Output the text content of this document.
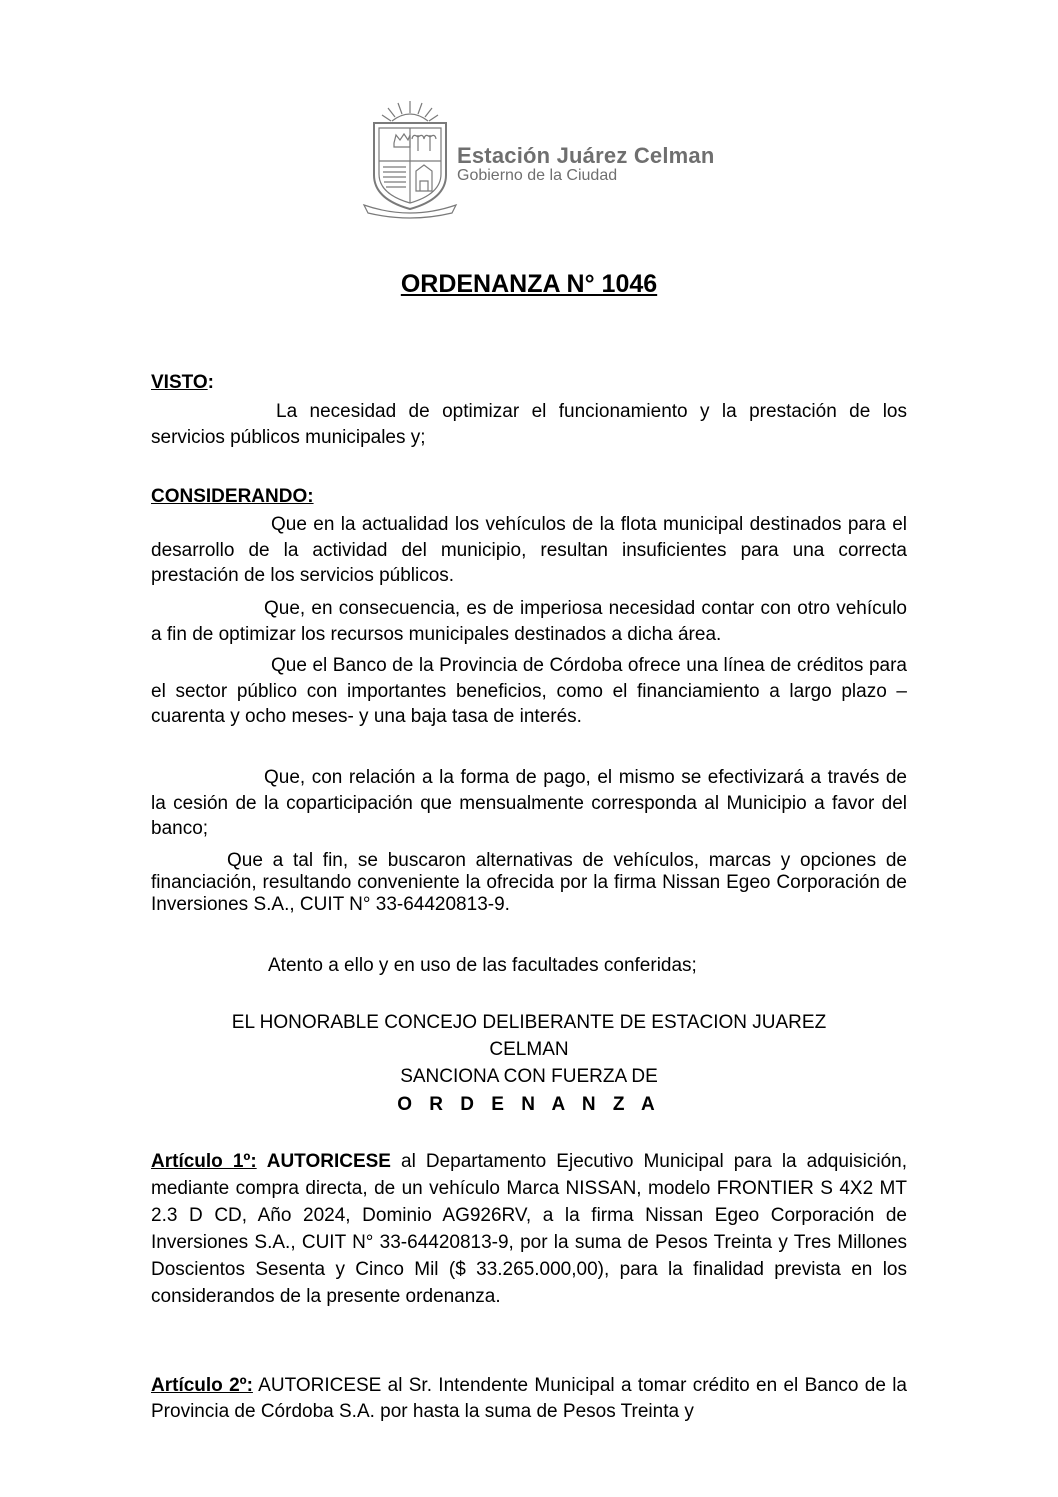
Estación Juárez Celman
Gobierno de la Ciudad
ORDENANZA N° 1046
VISTO:

La necesidad de optimizar el funcionamiento y la prestación de los servicios públicos municipales y;

CONSIDERANDO:

Que en la actualidad los vehículos de la flota municipal destinados para el desarrollo de la actividad del municipio, resultan insuficientes para una correcta prestación de los servicios públicos.

Que, en consecuencia, es de imperiosa necesidad contar con otro vehículo a fin de optimizar los recursos municipales destinados a dicha área.

Que el Banco de la Provincia de Córdoba ofrece una línea de créditos para el sector público con importantes beneficios, como el financiamiento a largo plazo –cuarenta y ocho meses- y una baja tasa de interés.

Que, con relación a la forma de pago, el mismo se efectivizará a través de la cesión de la coparticipación que mensualmente corresponda al Municipio a favor del banco;

Que a tal fin, se buscaron alternativas de vehículos, marcas y opciones de financiación, resultando conveniente la ofrecida por la firma Nissan Egeo Corporación de Inversiones S.A., CUIT N° 33-64420813-9.

Atento a ello y en uso de las facultades conferidas;

EL HONORABLE CONCEJO DELIBERANTE DE ESTACION JUAREZ
CELMAN
SANCIONA CON FUERZA DE
O R D E N A N Z A

Artículo 1º: AUTORICESE al Departamento Ejecutivo Municipal para la adquisición, mediante compra directa, de un vehículo Marca NISSAN, modelo FRONTIER S 4X2 MT 2.3 D CD, Año 2024, Dominio AG926RV, a la firma Nissan Egeo Corporación de Inversiones S.A., CUIT N° 33-64420813-9, por la suma de Pesos Treinta y Tres Millones Doscientos Sesenta y Cinco Mil ($ 33.265.000,00), para la finalidad prevista en los considerandos de la presente ordenanza.

Artículo 2º: AUTORICESE al Sr. Intendente Municipal a tomar crédito en el Banco de la Provincia de Córdoba S.A. por hasta la suma de Pesos Treinta y
